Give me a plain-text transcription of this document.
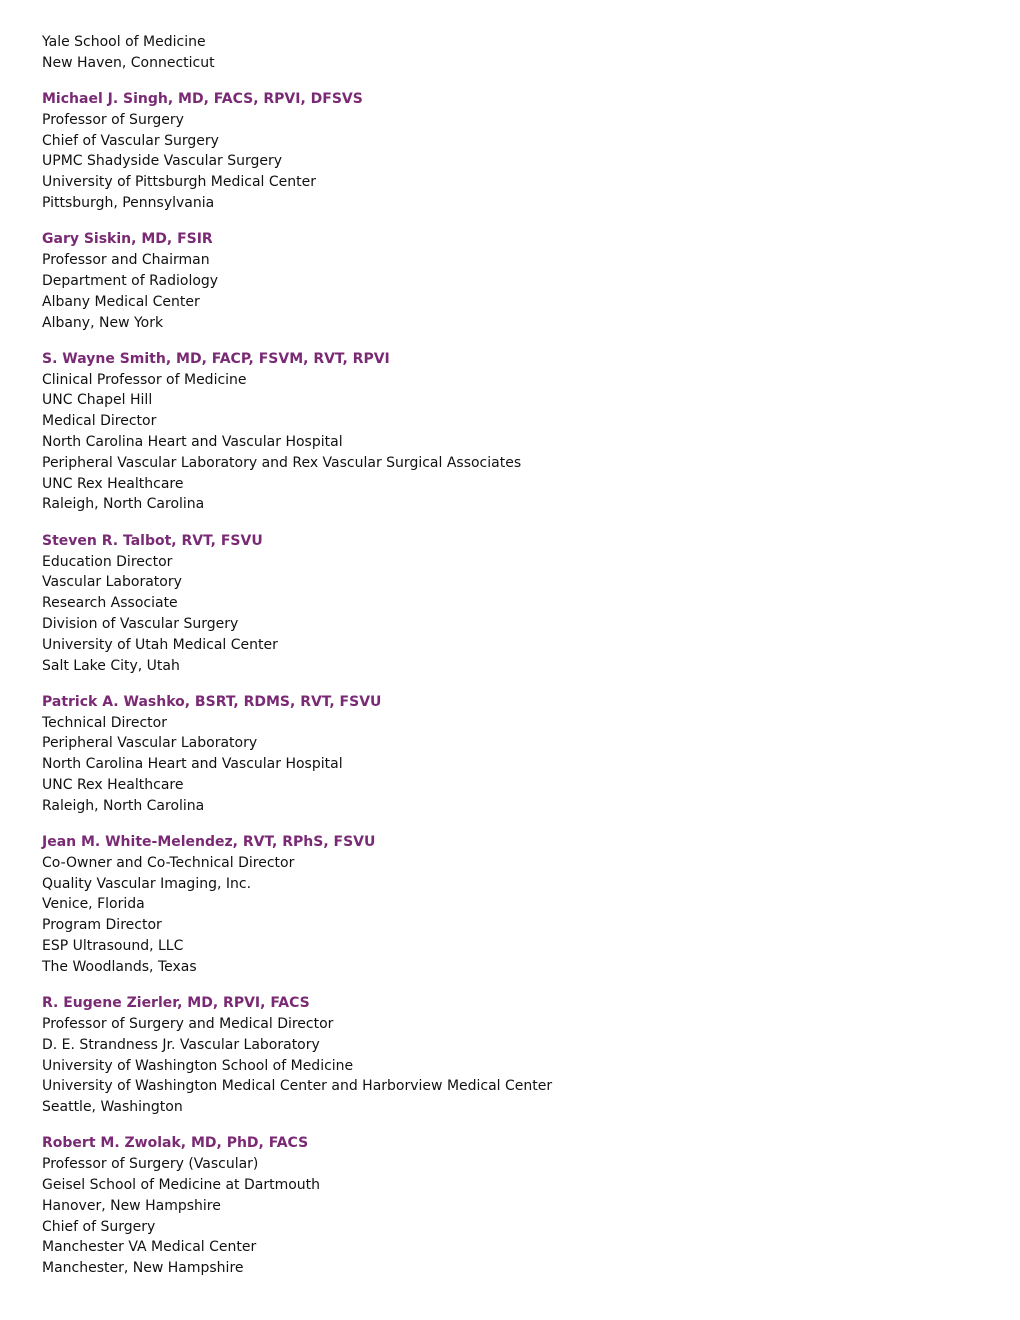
Yale School of Medicine
New Haven, Connecticut
Michael J. Singh, MD, FACS, RPVI, DFSVS
Professor of Surgery
Chief of Vascular Surgery
UPMC Shadyside Vascular Surgery
University of Pittsburgh Medical Center
Pittsburgh, Pennsylvania
Gary Siskin, MD, FSIR
Professor and Chairman
Department of Radiology
Albany Medical Center
Albany, New York
S. Wayne Smith, MD, FACP, FSVM, RVT, RPVI
Clinical Professor of Medicine
UNC Chapel Hill
Medical Director
North Carolina Heart and Vascular Hospital
Peripheral Vascular Laboratory and Rex Vascular Surgical Associates
UNC Rex Healthcare
Raleigh, North Carolina
Steven R. Talbot, RVT, FSVU
Education Director
Vascular Laboratory
Research Associate
Division of Vascular Surgery
University of Utah Medical Center
Salt Lake City, Utah
Patrick A. Washko, BSRT, RDMS, RVT, FSVU
Technical Director
Peripheral Vascular Laboratory
North Carolina Heart and Vascular Hospital
UNC Rex Healthcare
Raleigh, North Carolina
Jean M. White-Melendez, RVT, RPhS, FSVU
Co-Owner and Co-Technical Director
Quality Vascular Imaging, Inc.
Venice, Florida
Program Director
ESP Ultrasound, LLC
The Woodlands, Texas
R. Eugene Zierler, MD, RPVI, FACS
Professor of Surgery and Medical Director
D. E. Strandness Jr. Vascular Laboratory
University of Washington School of Medicine
University of Washington Medical Center and Harborview Medical Center
Seattle, Washington
Robert M. Zwolak, MD, PhD, FACS
Professor of Surgery (Vascular)
Geisel School of Medicine at Dartmouth
Hanover, New Hampshire
Chief of Surgery
Manchester VA Medical Center
Manchester, New Hampshire
